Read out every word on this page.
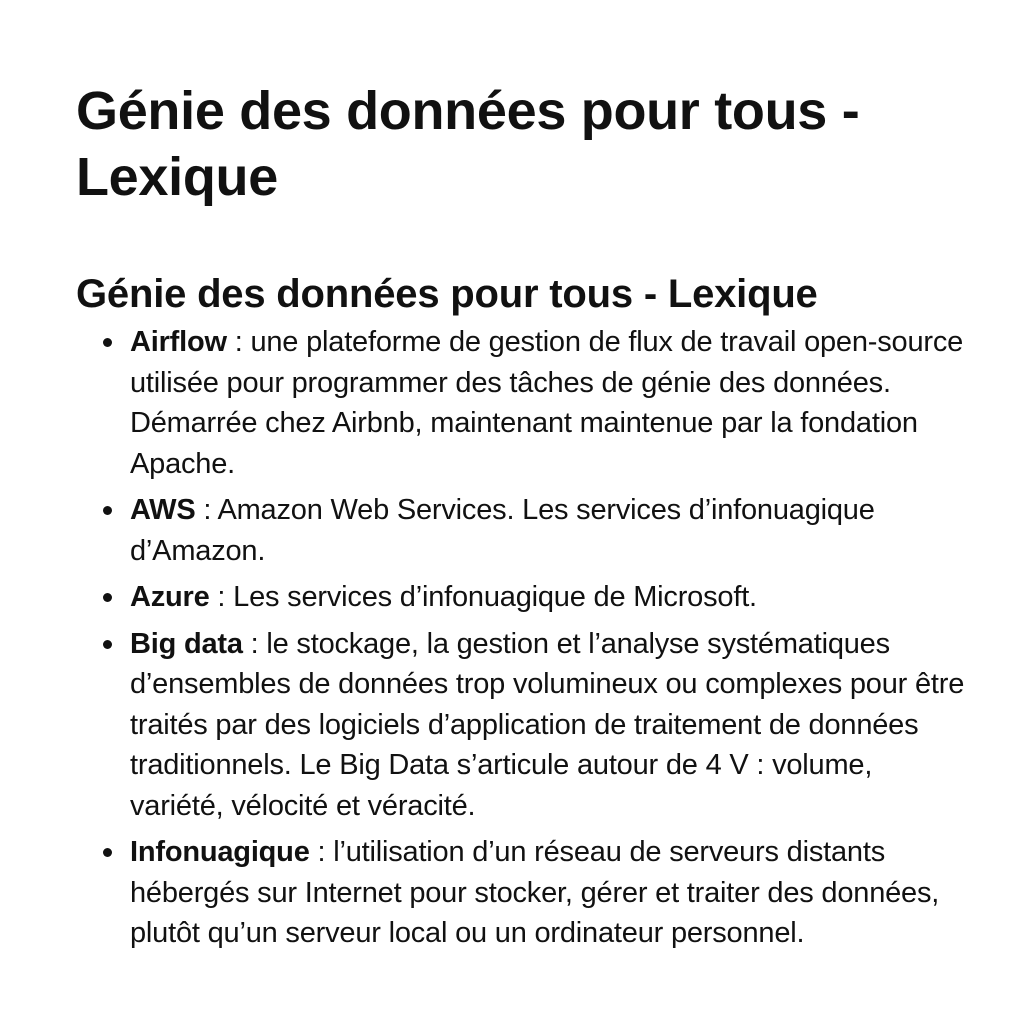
Génie des données pour tous - Lexique
Génie des données pour tous - Lexique
Airflow : une plateforme de gestion de flux de travail open-source utilisée pour programmer des tâches de génie des données. Démarrée chez Airbnb, maintenant maintenue par la fondation Apache.
AWS : Amazon Web Services. Les services d’infonuagique d’Amazon.
Azure : Les services d’infonuagique de Microsoft.
Big data : le stockage, la gestion et l’analyse systématiques d’ensembles de données trop volumineux ou complexes pour être traités par des logiciels d’application de traitement de données traditionnels. Le Big Data s’articule autour de 4 V : volume, variété, vélocité et véracité.
Infonuagique : l’utilisation d’un réseau de serveurs distants hébergés sur Internet pour stocker, gérer et traiter des données, plutôt qu’un serveur local ou un ordinateur personnel.
